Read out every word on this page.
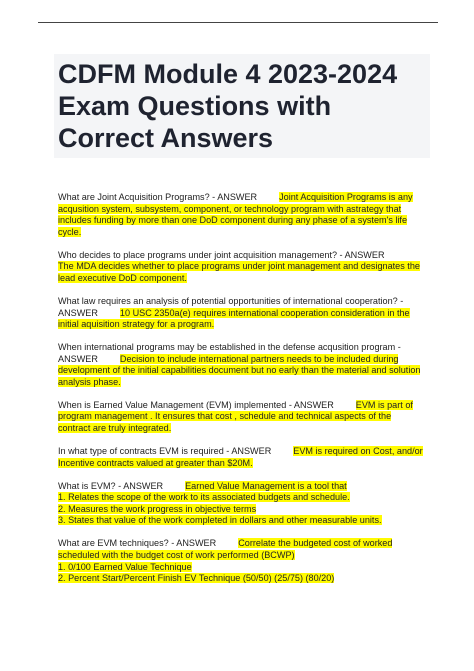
CDFM Module 4 2023-2024 Exam Questions with Correct Answers

What are Joint Acquisition Programs? - ANSWER Joint Acquisition Programs is any acqusition system, subsystem, component, or technology program with astrategy that includes funding by more than one DoD component during any phase of a system's life cycle.

Who decides to place programs under joint acquisition management? - ANSWER
The MDA decides whether to place programs under joint management and designates the lead executive DoD component.

What law requires an analysis of potential opportunities of international cooperation? - ANSWER 10 USC 2350a(e) requires international cooperation consideration in the initial aquisition strategy for a program.

When international programs may be established in the defense acqusition program - ANSWER Decision to include international partners needs to be included during development of the initial capabilities document but no early than the material and solution analysis phase.

When is Earned Value Management (EVM) implemented - ANSWER EVM is part of program management . It ensures that cost , schedule and technical aspects of the contract are truly integrated.

In what type of contracts EVM is required - ANSWER EVM is required on Cost, and/or Incentive contracts valued at greater than $20M.

What is EVM? - ANSWER Earned Value Management is a tool that
1. Relates the scope of the work to its associated budgets and schedule.
2. Measures the work progress in objective terms
3. States that value of the work completed in dollars and other measurable units.

What are EVM techniques? - ANSWER Correlate the budgeted cost of worked scheduled with the budget cost of work performed (BCWP)
1. 0/100 Earned Value Technique
2. Percent Start/Percent Finish EV Technique (50/50) (25/75) (80/20)
